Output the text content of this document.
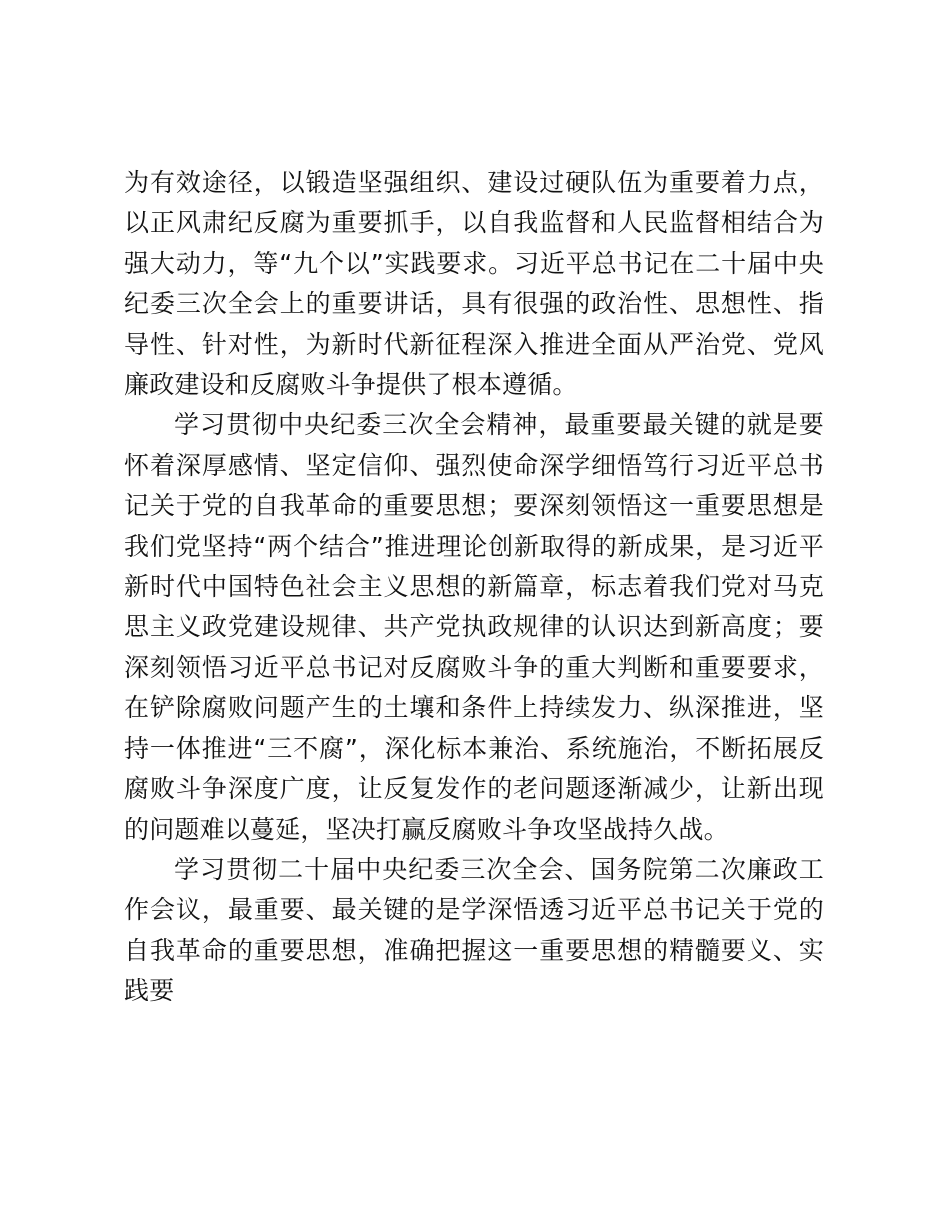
为有效途径，以锻造坚强组织、建设过硬队伍为重要着力点，以正风肃纪反腐为重要抓手，以自我监督和人民监督相结合为强大动力，等“九个以”实践要求。习近平总书记在二十届中央纪委三次全会上的重要讲话，具有很强的政治性、思想性、指导性、针对性，为新时代新征程深入推进全面从严治党、党风廉政建设和反腐败斗争提供了根本遵循。

学习贯彻中央纪委三次全会精神，最重要最关键的就是要怀着深厚感情、坚定信仰、强烈使命深学细悟笃行习近平总书记关于党的自我革命的重要思想；要深刻领悟这一重要思想是我们党坚持“两个结合”推进理论创新取得的新成果，是习近平新时代中国特色社会主义思想的新篇章，标志着我们党对马克思主义政党建设规律、共产党执政规律的认识达到新高度；要深刻领悟习近平总书记对反腐败斗争的重大判断和重要要求，在铲除腐败问题产生的土壤和条件上持续发力、纵深推进，坚持一体推进“三不腐”，深化标本兼治、系统施治，不断拓展反腐败斗争深度广度，让反复发作的老问题逐渐减少，让新出现的问题难以蔓延，坚决打赢反腐败斗争攻坚战持久战。

学习贯彻二十届中央纪委三次全会、国务院第二次廉政工作会议，最重要、最关键的是学深悟透习近平总书记关于党的自我革命的重要思想，准确把握这一重要思想的精髓要义、实践要
